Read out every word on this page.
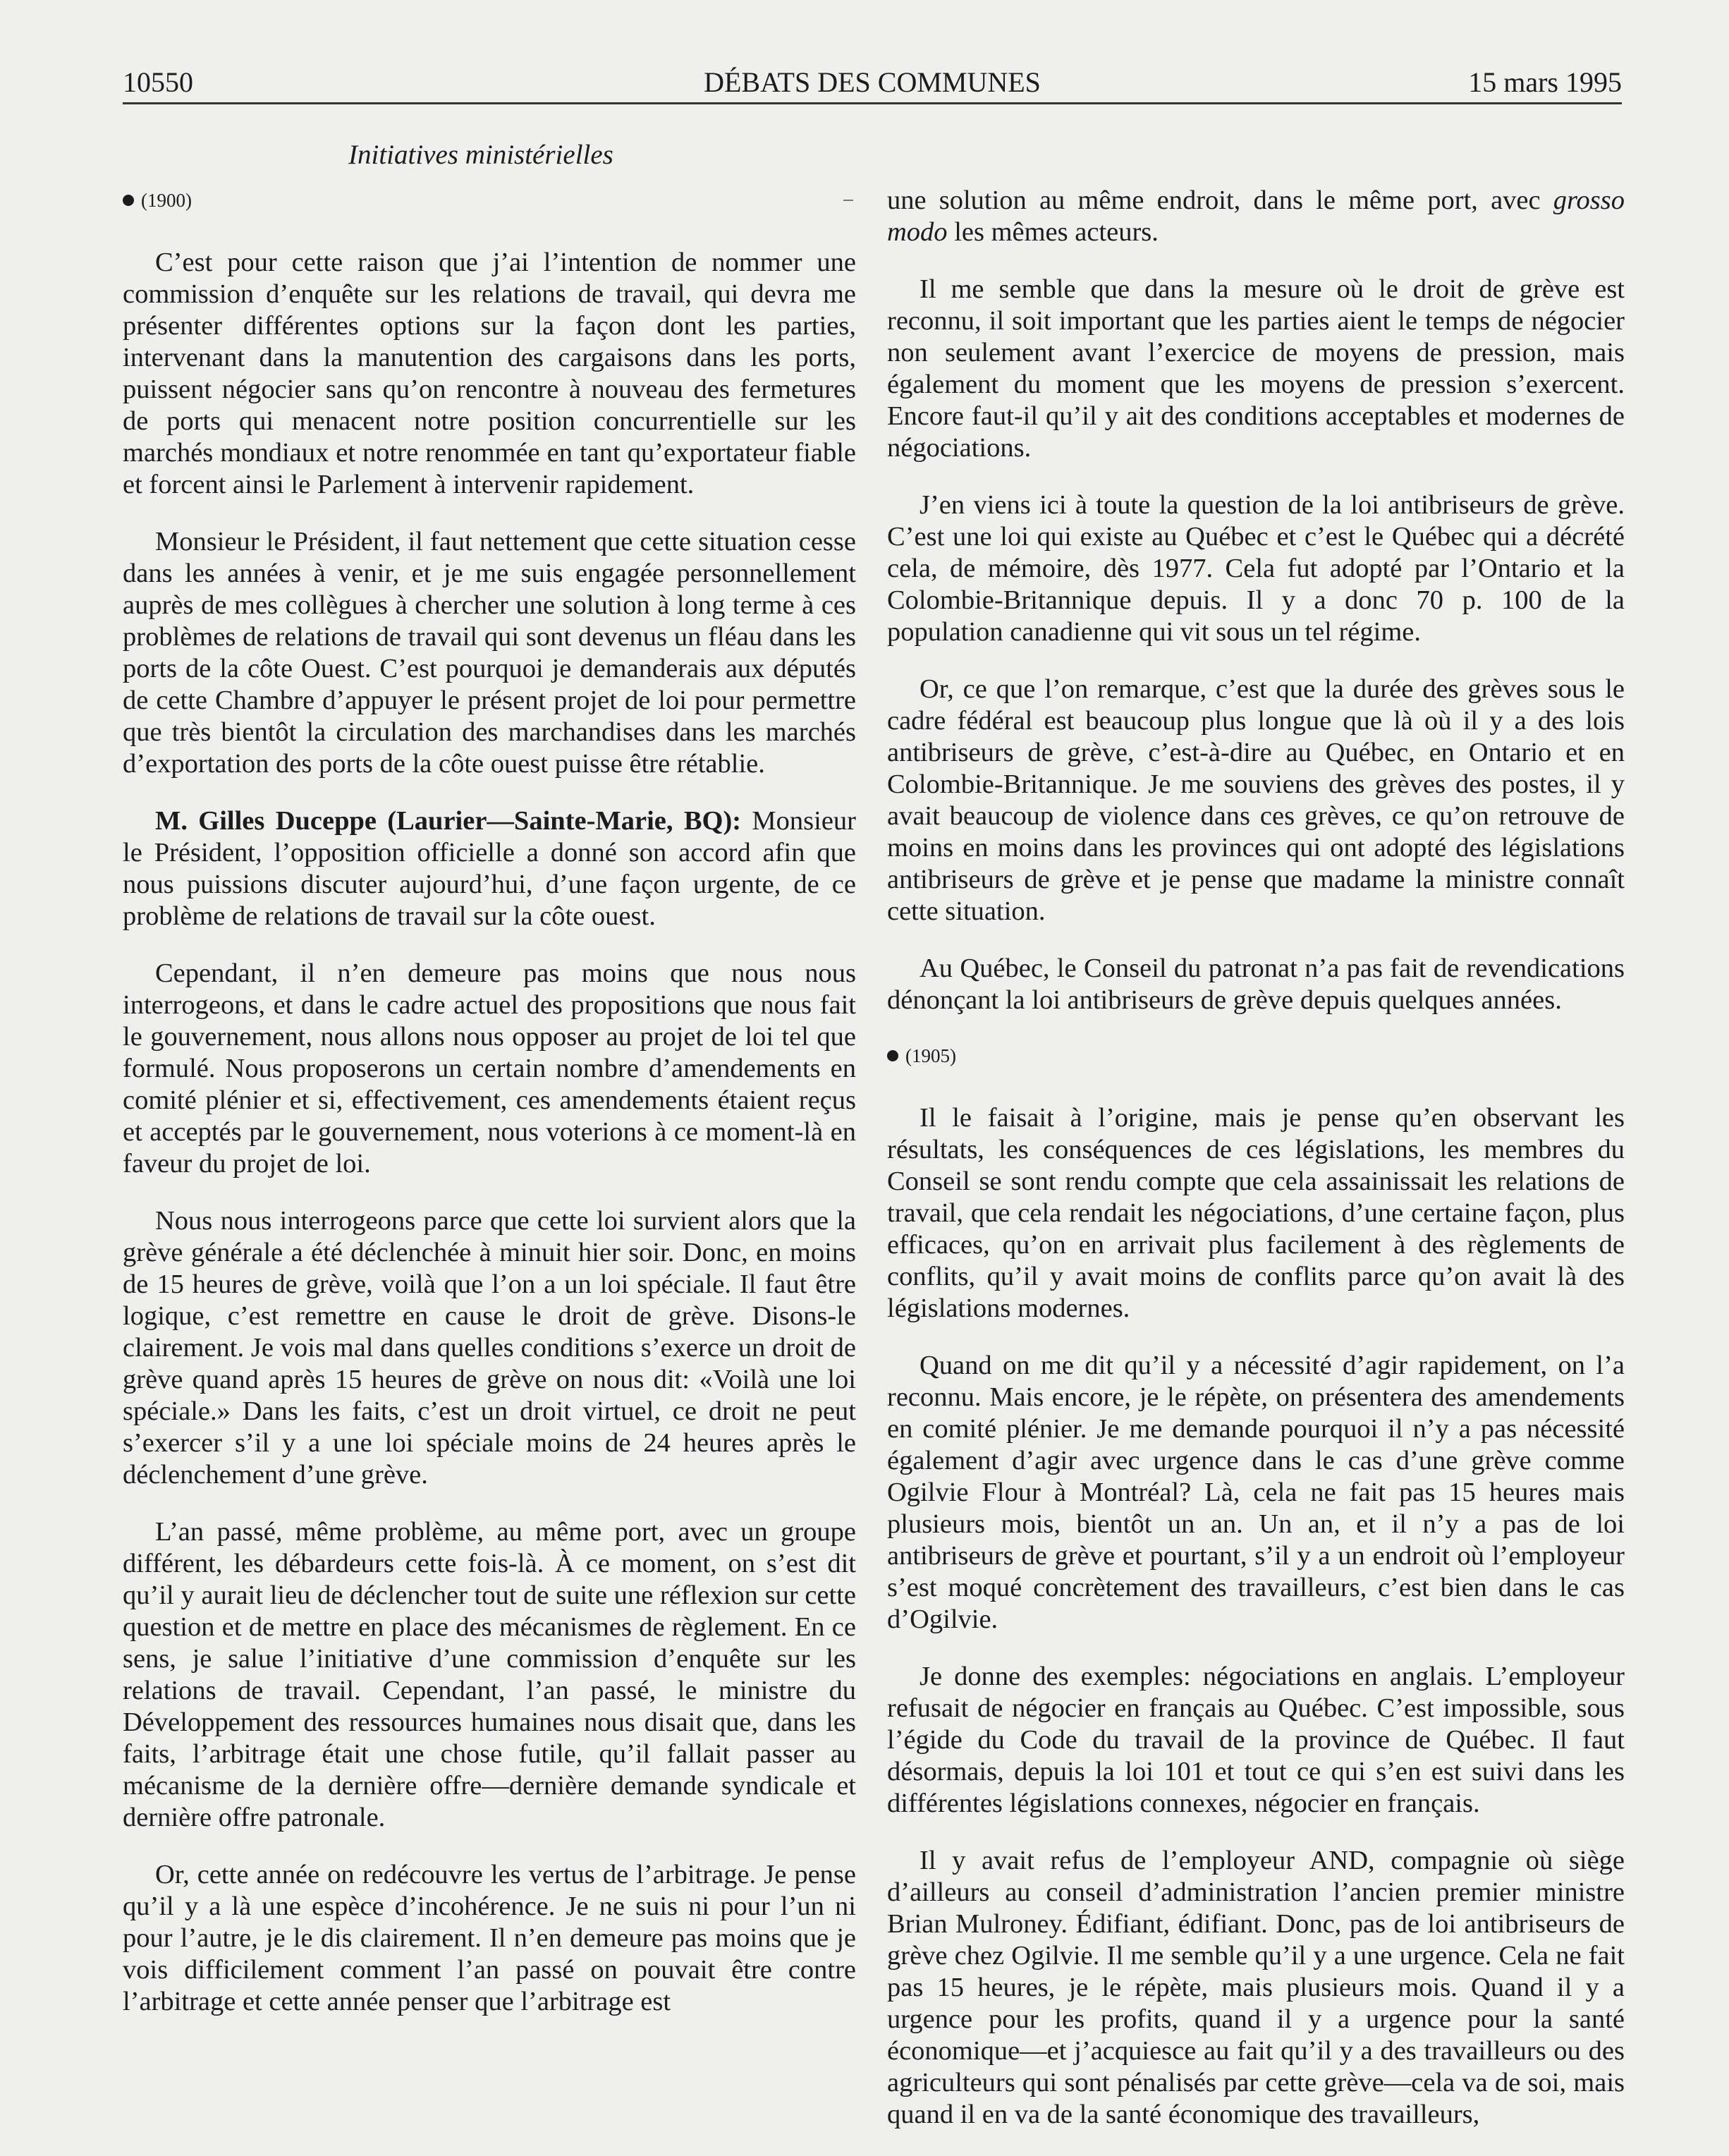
10550	DÉBATS DES COMMUNES	15 mars 1995
Initiatives ministérielles
(1900)

C’est pour cette raison que j’ai l’intention de nommer une commission d’enquête sur les relations de travail, qui devra me présenter différentes options sur la façon dont les parties, intervenant dans la manutention des cargaisons dans les ports, puissent négocier sans qu’on rencontre à nouveau des fermetures de ports qui menacent notre position concurrentielle sur les marchés mondiaux et notre renommée en tant qu’exportateur fiable et forcent ainsi le Parlement à intervenir rapidement.

Monsieur le Président, il faut nettement que cette situation cesse dans les années à venir, et je me suis engagée personnellement auprès de mes collègues à chercher une solution à long terme à ces problèmes de relations de travail qui sont devenus un fléau dans les ports de la côte Ouest. C’est pourquoi je demanderais aux députés de cette Chambre d’appuyer le présent projet de loi pour permettre que très bientôt la circulation des marchandises dans les marchés d’exportation des ports de la côte ouest puisse être rétablie.

M. Gilles Duceppe (Laurier—Sainte-Marie, BQ): Monsieur le Président, l’opposition officielle a donné son accord afin que nous puissions discuter aujourd’hui, d’une façon urgente, de ce problème de relations de travail sur la côte ouest.

Cependant, il n’en demeure pas moins que nous nous interrogeons, et dans le cadre actuel des propositions que nous fait le gouvernement, nous allons nous opposer au projet de loi tel que formulé. Nous proposerons un certain nombre d’amendements en comité plénier et si, effectivement, ces amendements étaient reçus et acceptés par le gouvernement, nous voterions à ce moment-là en faveur du projet de loi.

Nous nous interrogeons parce que cette loi survient alors que la grève générale a été déclenchée à minuit hier soir. Donc, en moins de 15 heures de grève, voilà que l’on a un loi spéciale. Il faut être logique, c’est remettre en cause le droit de grève. Disons-le clairement. Je vois mal dans quelles conditions s’exerce un droit de grève quand après 15 heures de grève on nous dit: «Voilà une loi spéciale.» Dans les faits, c’est un droit virtuel, ce droit ne peut s’exercer s’il y a une loi spéciale moins de 24 heures après le déclenchement d’une grève.

L’an passé, même problème, au même port, avec un groupe différent, les débardeurs cette fois-là. À ce moment, on s’est dit qu’il y aurait lieu de déclencher tout de suite une réflexion sur cette question et de mettre en place des mécanismes de règlement. En ce sens, je salue l’initiative d’une commission d’enquête sur les relations de travail. Cependant, l’an passé, le ministre du Développement des ressources humaines nous disait que, dans les faits, l’arbitrage était une chose futile, qu’il fallait passer au mécanisme de la dernière offre—dernière demande syndicale et dernière offre patronale.

Or, cette année on redécouvre les vertus de l’arbitrage. Je pense qu’il y a là une espèce d’incohérence. Je ne suis ni pour l’un ni pour l’autre, je le dis clairement. Il n’en demeure pas moins que je vois difficilement comment l’an passé on pouvait être contre l’arbitrage et cette année penser que l’arbitrage est

une solution au même endroit, dans le même port, avec grosso modo les mêmes acteurs.

Il me semble que dans la mesure où le droit de grève est reconnu, il soit important que les parties aient le temps de négocier non seulement avant l’exercice de moyens de pression, mais également du moment que les moyens de pression s’exercent. Encore faut-il qu’il y ait des conditions acceptables et modernes de négociations.

J’en viens ici à toute la question de la loi antibriseurs de grève. C’est une loi qui existe au Québec et c’est le Québec qui a décrété cela, de mémoire, dès 1977. Cela fut adopté par l’Ontario et la Colombie-Britannique depuis. Il y a donc 70 p. 100 de la population canadienne qui vit sous un tel régime.

Or, ce que l’on remarque, c’est que la durée des grèves sous le cadre fédéral est beaucoup plus longue que là où il y a des lois antibriseurs de grève, c’est-à-dire au Québec, en Ontario et en Colombie-Britannique. Je me souviens des grèves des postes, il y avait beaucoup de violence dans ces grèves, ce qu’on retrouve de moins en moins dans les provinces qui ont adopté des législations antibriseurs de grève et je pense que madame la ministre connaît cette situation.

Au Québec, le Conseil du patronat n’a pas fait de revendications dénonçant la loi antibriseurs de grève depuis quelques années.

(1905)

Il le faisait à l’origine, mais je pense qu’en observant les résultats, les conséquences de ces législations, les membres du Conseil se sont rendu compte que cela assainissait les relations de travail, que cela rendait les négociations, d’une certaine façon, plus efficaces, qu’on en arrivait plus facilement à des règlements de conflits, qu’il y avait moins de conflits parce qu’on avait là des législations modernes.

Quand on me dit qu’il y a nécessité d’agir rapidement, on l’a reconnu. Mais encore, je le répète, on présentera des amendements en comité plénier. Je me demande pourquoi il n’y a pas nécessité également d’agir avec urgence dans le cas d’une grève comme Ogilvie Flour à Montréal? Là, cela ne fait pas 15 heures mais plusieurs mois, bientôt un an. Un an, et il n’y a pas de loi antibriseurs de grève et pourtant, s’il y a un endroit où l’employeur s’est moqué concrètement des travailleurs, c’est bien dans le cas d’Ogilvie.

Je donne des exemples: négociations en anglais. L’employeur refusait de négocier en français au Québec. C’est impossible, sous l’égide du Code du travail de la province de Québec. Il faut désormais, depuis la loi 101 et tout ce qui s’en est suivi dans les différentes législations connexes, négocier en français.

Il y avait refus de l’employeur AND, compagnie où siège d’ailleurs au conseil d’administration l’ancien premier ministre Brian Mulroney. Édifiant, édifiant. Donc, pas de loi antibriseurs de grève chez Ogilvie. Il me semble qu’il y a une urgence. Cela ne fait pas 15 heures, je le répète, mais plusieurs mois. Quand il y a urgence pour les profits, quand il y a urgence pour la santé économique—et j’acquiesce au fait qu’il y a des travailleurs ou des agriculteurs qui sont pénalisés par cette grève—cela va de soi, mais quand il en va de la santé économique des travailleurs,
